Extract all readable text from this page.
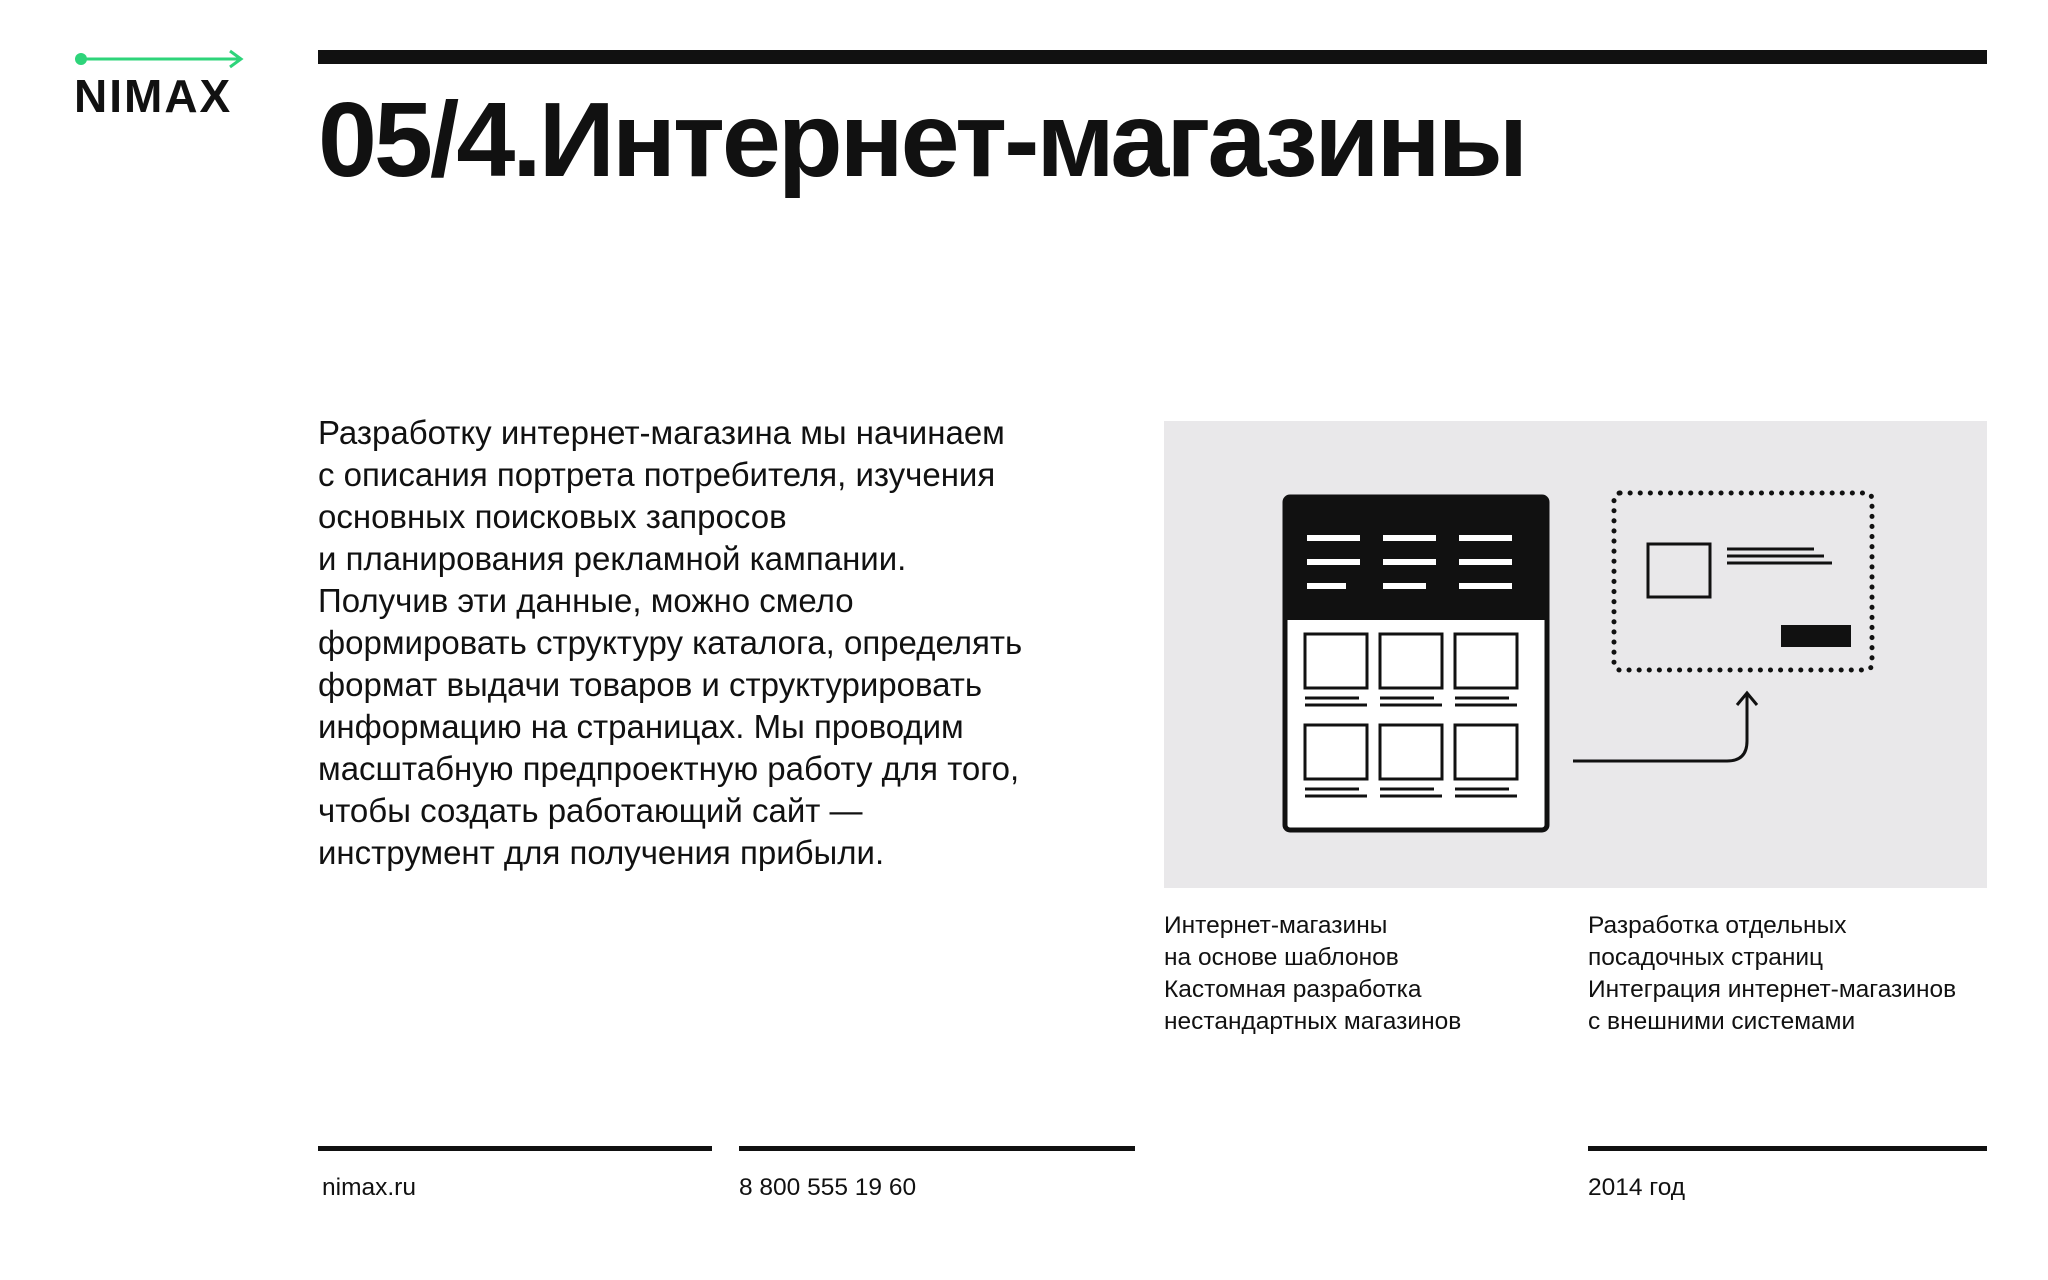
NIMAX 05/4.Интернет-магазины

Разработку интернет-магазина мы начинаем
с описания портрета потребителя, изучения
основных поисковых запросов
и планирования рекламной кампании.
Получив эти данные, можно смело
формировать структуру каталога, определять
формат выдачи товаров и структурировать
информацию на страницах. Мы проводим
масштабную предпроектную работу для того,
чтобы создать работающий сайт —
инструмент для получения прибыли.

Интернет-магазины
на основе шаблонов
Кастомная разработка
нестандартных магазинов
Разработка отдельных
посадочных страниц
Интеграция интернет-магазинов
с внешними системами
nimax.ru	8 800 555 19 60	2014 год
